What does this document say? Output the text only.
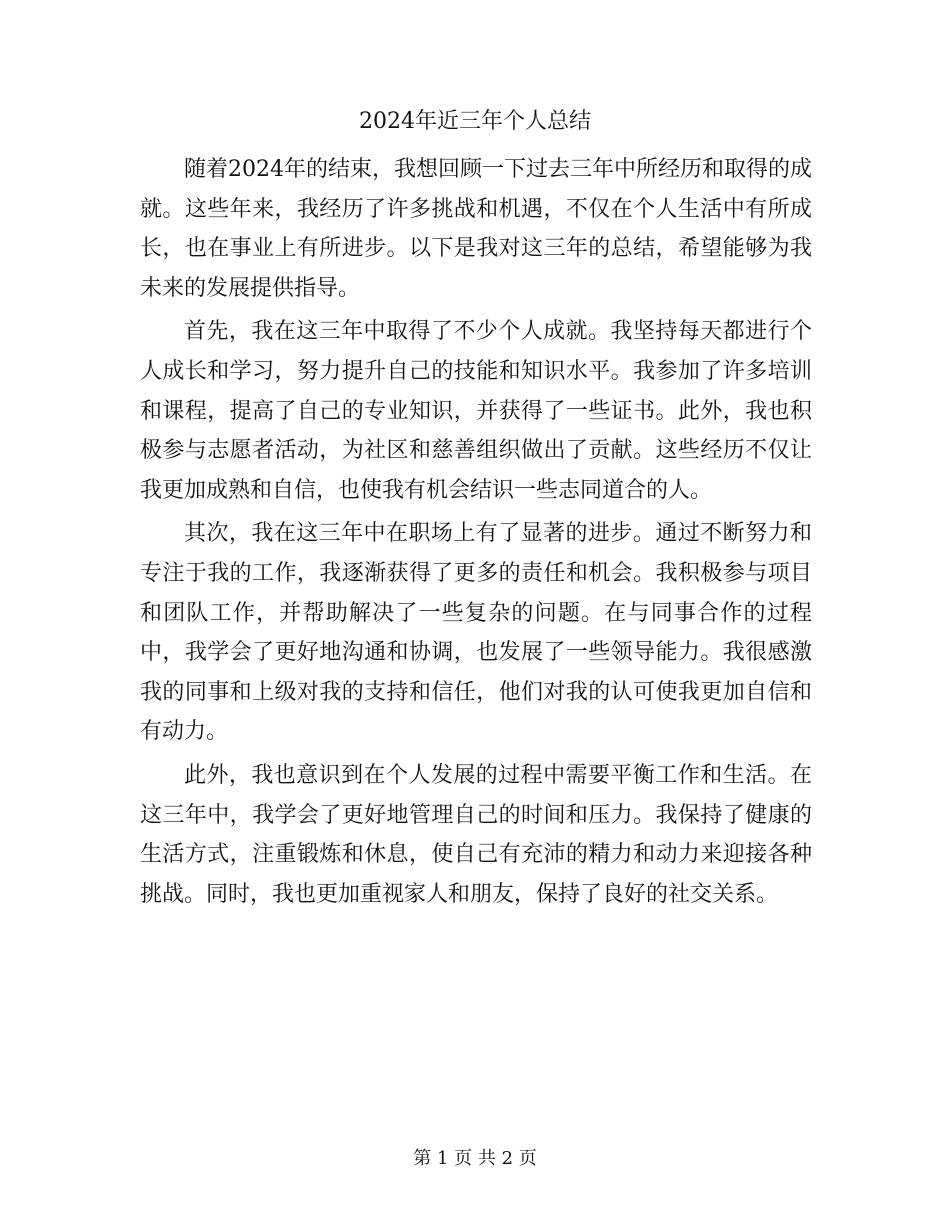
2024年近三年个人总结

随着2024年的结束，我想回顾一下过去三年中所经历和取得的成就。这些年来，我经历了许多挑战和机遇，不仅在个人生活中有所成长，也在事业上有所进步。以下是我对这三年的总结，希望能够为我未来的发展提供指导。

首先，我在这三年中取得了不少个人成就。我坚持每天都进行个人成长和学习，努力提升自己的技能和知识水平。我参加了许多培训和课程，提高了自己的专业知识，并获得了一些证书。此外，我也积极参与志愿者活动，为社区和慈善组织做出了贡献。这些经历不仅让我更加成熟和自信，也使我有机会结识一些志同道合的人。

其次，我在这三年中在职场上有了显著的进步。通过不断努力和专注于我的工作，我逐渐获得了更多的责任和机会。我积极参与项目和团队工作，并帮助解决了一些复杂的问题。在与同事合作的过程中，我学会了更好地沟通和协调，也发展了一些领导能力。我很感激我的同事和上级对我的支持和信任，他们对我的认可使我更加自信和有动力。

此外，我也意识到在个人发展的过程中需要平衡工作和生活。在这三年中，我学会了更好地管理自己的时间和压力。我保持了健康的生活方式，注重锻炼和休息，使自己有充沛的精力和动力来迎接各种挑战。同时，我也更加重视家人和朋友，保持了良好的社交关系。

第 1 页 共 2 页
